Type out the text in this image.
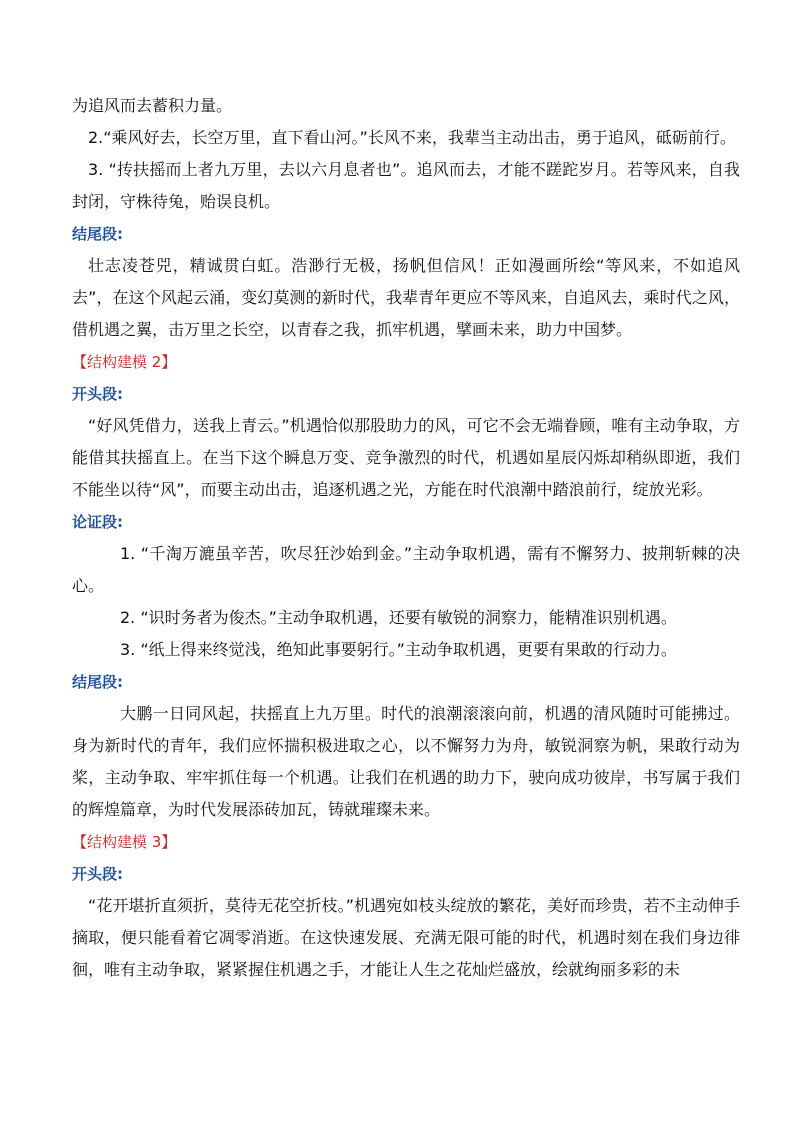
为追风而去蓄积力量。

2.“乘风好去，长空万里，直下看山河。”长风不来，我辈当主动出击，勇于追风，砥砺前行。

3. “抟扶摇而上者九万里，去以六月息者也”。追风而去，才能不蹉跎岁月。若等风来，自我封闭，守株待兔，贻误良机。

结尾段:

壮志凌苍兕，精诚贯白虹。浩渺行无极，扬帆但信风！正如漫画所绘“等风来，不如追风去”，在这个风起云涌，变幻莫测的新时代，我辈青年更应不等风来，自追风去，乘时代之风，借机遇之翼，击万里之长空，以青春之我，抓牢机遇，擘画未来，助力中国梦。

【结构建模 2】

开头段:

“好风凭借力，送我上青云。”机遇恰似那股助力的风，可它不会无端眷顾，唯有主动争取，方能借其扶摇直上。在当下这个瞬息万变、竞争激烈的时代，机遇如星辰闪烁却稍纵即逝，我们不能坐以待“风”，而要主动出击，追逐机遇之光，方能在时代浪潮中踏浪前行，绽放光彩。

论证段:

1. “千淘万漉虽辛苦，吹尽狂沙始到金。”主动争取机遇，需有不懈努力、披荆斩棘的决心。

2. “识时务者为俊杰。”主动争取机遇，还要有敏锐的洞察力，能精准识别机遇。

3. “纸上得来终觉浅，绝知此事要躬行。”主动争取机遇，更要有果敢的行动力。

结尾段:

大鹏一日同风起，扶摇直上九万里。时代的浪潮滚滚向前，机遇的清风随时可能拂过。身为新时代的青年，我们应怀揣积极进取之心，以不懈努力为舟，敏锐洞察为帆，果敢行动为桨，主动争取、牢牢抓住每一个机遇。让我们在机遇的助力下，驶向成功彼岸，书写属于我们的辉煌篇章，为时代发展添砖加瓦，铸就璀璨未来。

【结构建模 3】

开头段:

“花开堪折直须折，莫待无花空折枝。”机遇宛如枝头绽放的繁花，美好而珍贵，若不主动伸手摘取，便只能看着它凋零消逝。在这快速发展、充满无限可能的时代，机遇时刻在我们身边徘徊，唯有主动争取，紧紧握住机遇之手，才能让人生之花灿烂盛放，绘就绚丽多彩的未
